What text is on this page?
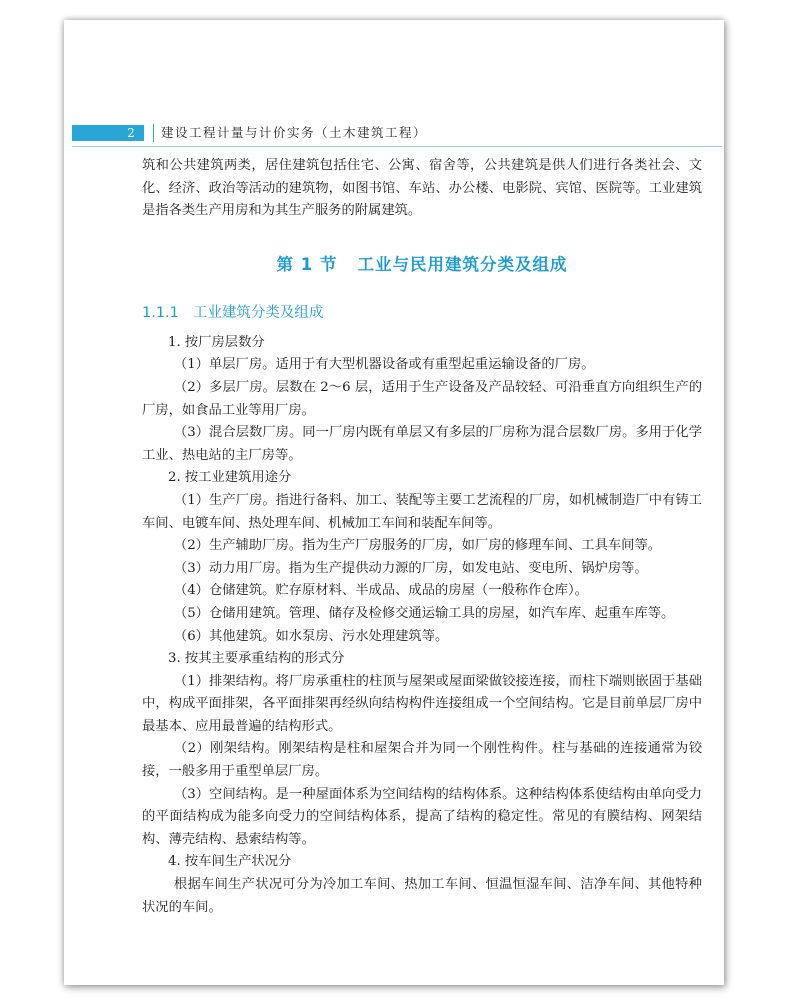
2 建设工程计量与计价实务（土木建筑工程）

筑和公共建筑两类，居住建筑包括住宅、公寓、宿舍等，公共建筑是供人们进行各类社会、文化、经济、政治等活动的建筑物，如图书馆、车站、办公楼、电影院、宾馆、医院等。工业建筑是指各类生产用房和为其生产服务的附属建筑。

第 1 节 工业与民用建筑分类及组成
1.1.1 工业建筑分类及组成

1. 按厂房层数分

（1）单层厂房。适用于有大型机器设备或有重型起重运输设备的厂房。

（2）多层厂房。层数在 2～6 层，适用于生产设备及产品较轻、可沿垂直方向组织生产的厂房，如食品工业等用厂房。

（3）混合层数厂房。同一厂房内既有单层又有多层的厂房称为混合层数厂房。多用于化学工业、热电站的主厂房等。

2. 按工业建筑用途分

（1）生产厂房。指进行备料、加工、装配等主要工艺流程的厂房，如机械制造厂中有铸工车间、电镀车间、热处理车间、机械加工车间和装配车间等。

（2）生产辅助厂房。指为生产厂房服务的厂房，如厂房的修理车间、工具车间等。

（3）动力用厂房。指为生产提供动力源的厂房，如发电站、变电所、锅炉房等。

（4）仓储建筑。贮存原材料、半成品、成品的房屋（一般称作仓库）。

（5）仓储用建筑。管理、储存及检修交通运输工具的房屋，如汽车库、起重车库等。

（6）其他建筑。如水泵房、污水处理建筑等。

3. 按其主要承重结构的形式分

（1）排架结构。将厂房承重柱的柱顶与屋架或屋面梁做铰接连接，而柱下端则嵌固于基础中，构成平面排架，各平面排架再经纵向结构构件连接组成一个空间结构。它是目前单层厂房中最基本、应用最普遍的结构形式。

（2）刚架结构。刚架结构是柱和屋架合并为同一个刚性构件。柱与基础的连接通常为铰接，一般多用于重型单层厂房。

（3）空间结构。是一种屋面体系为空间结构的结构体系。这种结构体系使结构由单向受力的平面结构成为能多向受力的空间结构体系，提高了结构的稳定性。常见的有膜结构、网架结构、薄壳结构、悬索结构等。

4. 按车间生产状况分

根据车间生产状况可分为冷加工车间、热加工车间、恒温恒湿车间、洁净车间、其他特种状况的车间。
